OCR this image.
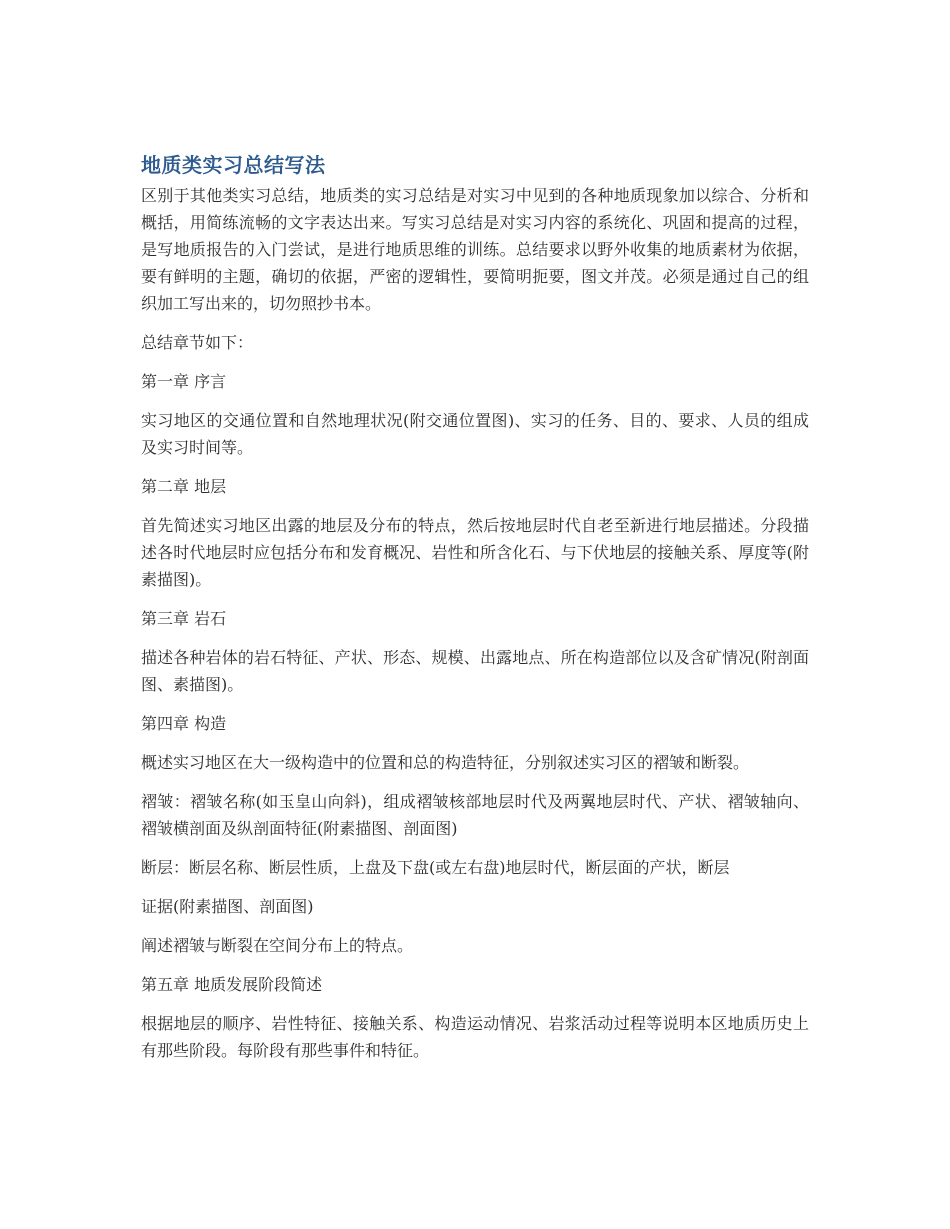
地质类实习总结写法

区别于其他类实习总结，地质类的实习总结是对实习中见到的各种地质现象加以综合、分析和概括，用简练流畅的文字表达出来。写实习总结是对实习内容的系统化、巩固和提高的过程，是写地质报告的入门尝试，是进行地质思维的训练。总结要求以野外收集的地质素材为依据，要有鲜明的主题，确切的依据，严密的逻辑性，要简明扼要，图文并茂。必须是通过自己的组织加工写出来的，切勿照抄书本。

总结章节如下：

第一章 序言

实习地区的交通位置和自然地理状况(附交通位置图)、实习的任务、目的、要求、人员的组成及实习时间等。

第二章 地层

首先简述实习地区出露的地层及分布的特点，然后按地层时代自老至新进行地层描述。分段描述各时代地层时应包括分布和发育概况、岩性和所含化石、与下伏地层的接触关系、厚度等(附素描图)。

第三章 岩石

描述各种岩体的岩石特征、产状、形态、规模、出露地点、所在构造部位以及含矿情况(附剖面图、素描图)。

第四章 构造

概述实习地区在大一级构造中的位置和总的构造特征，分别叙述实习区的褶皱和断裂。

褶皱：褶皱名称(如玉皇山向斜)，组成褶皱核部地层时代及两翼地层时代、产状、褶皱轴向、褶皱横剖面及纵剖面特征(附素描图、剖面图)

断层：断层名称、断层性质，上盘及下盘(或左右盘)地层时代，断层面的产状，断层

证据(附素描图、剖面图)

阐述褶皱与断裂在空间分布上的特点。

第五章 地质发展阶段简述

根据地层的顺序、岩性特征、接触关系、构造运动情况、岩浆活动过程等说明本区地质历史上有那些阶段。每阶段有那些事件和特征。
